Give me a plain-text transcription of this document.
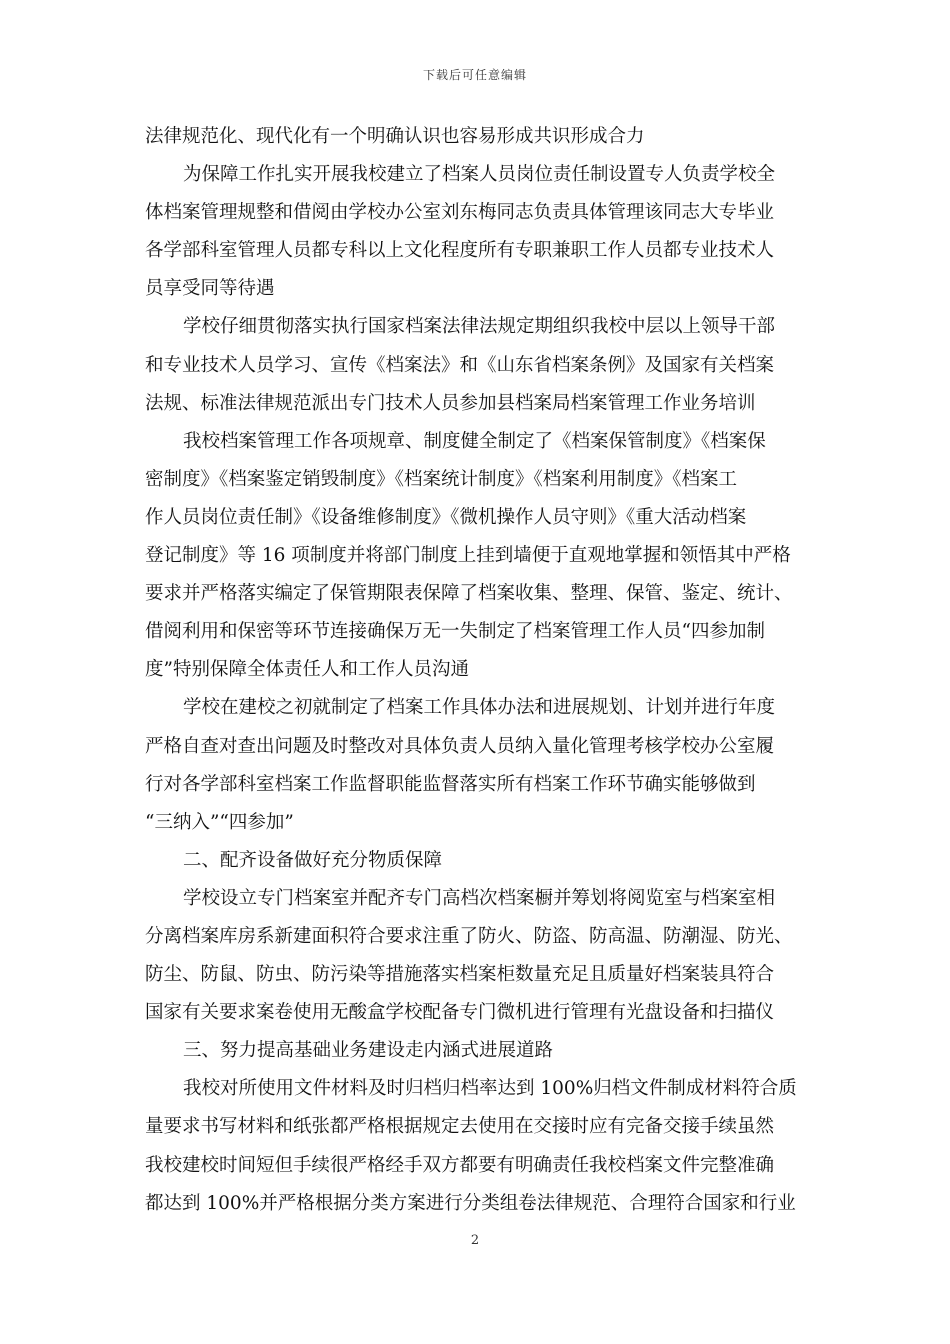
下载后可任意编辑
法律规范化、现代化有一个明确认识也容易形成共识形成合力
为保障工作扎实开展我校建立了档案人员岗位责任制设置专人负责学校全
体档案管理规整和借阅由学校办公室刘东梅同志负责具体管理该同志大专毕业
各学部科室管理人员都专科以上文化程度所有专职兼职工作人员都专业技术人
员享受同等待遇
学校仔细贯彻落实执行国家档案法律法规定期组织我校中层以上领导干部
和专业技术人员学习、宣传《档案法》和《山东省档案条例》及国家有关档案
法规、标准法律规范派出专门技术人员参加县档案局档案管理工作业务培训
我校档案管理工作各项规章、制度健全制定了《档案保管制度》《档案保
密制度》《档案鉴定销毁制度》《档案统计制度》《档案利用制度》《档案工
作人员岗位责任制》《设备维修制度》《微机操作人员守则》《重大活动档案
登记制度》等 16 项制度并将部门制度上挂到墙便于直观地掌握和领悟其中严格
要求并严格落实编定了保管期限表保障了档案收集、整理、保管、鉴定、统计、
借阅利用和保密等环节连接确保万无一失制定了档案管理工作人员“四参加制
度”特别保障全体责任人和工作人员沟通
学校在建校之初就制定了档案工作具体办法和进展规划、计划并进行年度
严格自查对查出问题及时整改对具体负责人员纳入量化管理考核学校办公室履
行对各学部科室档案工作监督职能监督落实所有档案工作环节确实能够做到
“三纳入”“四参加”
二、配齐设备做好充分物质保障
学校设立专门档案室并配齐专门高档次档案橱并筹划将阅览室与档案室相
分离档案库房系新建面积符合要求注重了防火、防盗、防高温、防潮湿、防光、
防尘、防鼠、防虫、防污染等措施落实档案柜数量充足且质量好档案装具符合
国家有关要求案卷使用无酸盒学校配备专门微机进行管理有光盘设备和扫描仪
三、努力提高基础业务建设走内涵式进展道路
我校对所使用文件材料及时归档归档率达到 100%归档文件制成材料符合质
量要求书写材料和纸张都严格根据规定去使用在交接时应有完备交接手续虽然
我校建校时间短但手续很严格经手双方都要有明确责任我校档案文件完整准确
都达到 100%并严格根据分类方案进行分类组卷法律规范、合理符合国家和行业
2
